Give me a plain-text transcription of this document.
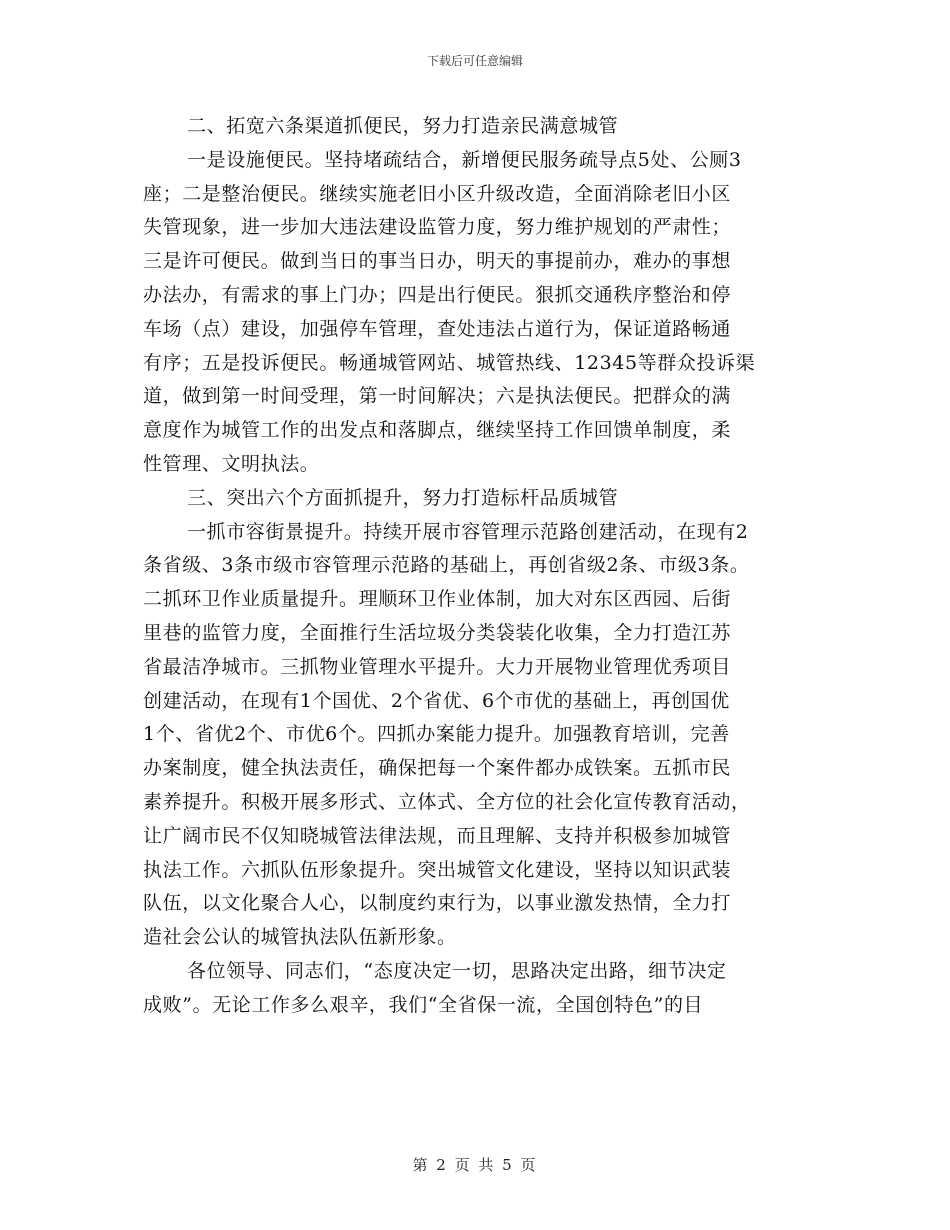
下载后可任意编辑
二、拓宽六条渠道抓便民，努力打造亲民满意城管
一是设施便民。坚持堵疏结合，新增便民服务疏导点5处、公厕3
座；二是整治便民。继续实施老旧小区升级改造，全面消除老旧小区
失管现象，进一步加大违法建设监管力度，努力维护规划的严肃性；
三是许可便民。做到当日的事当日办，明天的事提前办，难办的事想
办法办，有需求的事上门办；四是出行便民。狠抓交通秩序整治和停
车场（点）建设，加强停车管理，查处违法占道行为，保证道路畅通
有序；五是投诉便民。畅通城管网站、城管热线、12345等群众投诉渠
道，做到第一时间受理，第一时间解决；六是执法便民。把群众的满
意度作为城管工作的出发点和落脚点，继续坚持工作回馈单制度，柔
性管理、文明执法。
三、突出六个方面抓提升，努力打造标杆品质城管
一抓市容街景提升。持续开展市容管理示范路创建活动，在现有2
条省级、3条市级市容管理示范路的基础上，再创省级2条、市级3条。
二抓环卫作业质量提升。理顺环卫作业体制，加大对东区西园、后街
里巷的监管力度，全面推行生活垃圾分类袋装化收集，全力打造江苏
省最洁净城市。三抓物业管理水平提升。大力开展物业管理优秀项目
创建活动，在现有1个国优、2个省优、6个市优的基础上，再创国优
1个、省优2个、市优6个。四抓办案能力提升。加强教育培训，完善
办案制度，健全执法责任，确保把每一个案件都办成铁案。五抓市民
素养提升。积极开展多形式、立体式、全方位的社会化宣传教育活动，
让广阔市民不仅知晓城管法律法规，而且理解、支持并积极参加城管
执法工作。六抓队伍形象提升。突出城管文化建设，坚持以知识武装
队伍，以文化聚合人心，以制度约束行为，以事业激发热情，全力打
造社会公认的城管执法队伍新形象。
各位领导、同志们，“态度决定一切，思路决定出路，细节决定
成败”。无论工作多么艰辛，我们“全省保一流，全国创特色”的目
第 2 页 共 5 页
